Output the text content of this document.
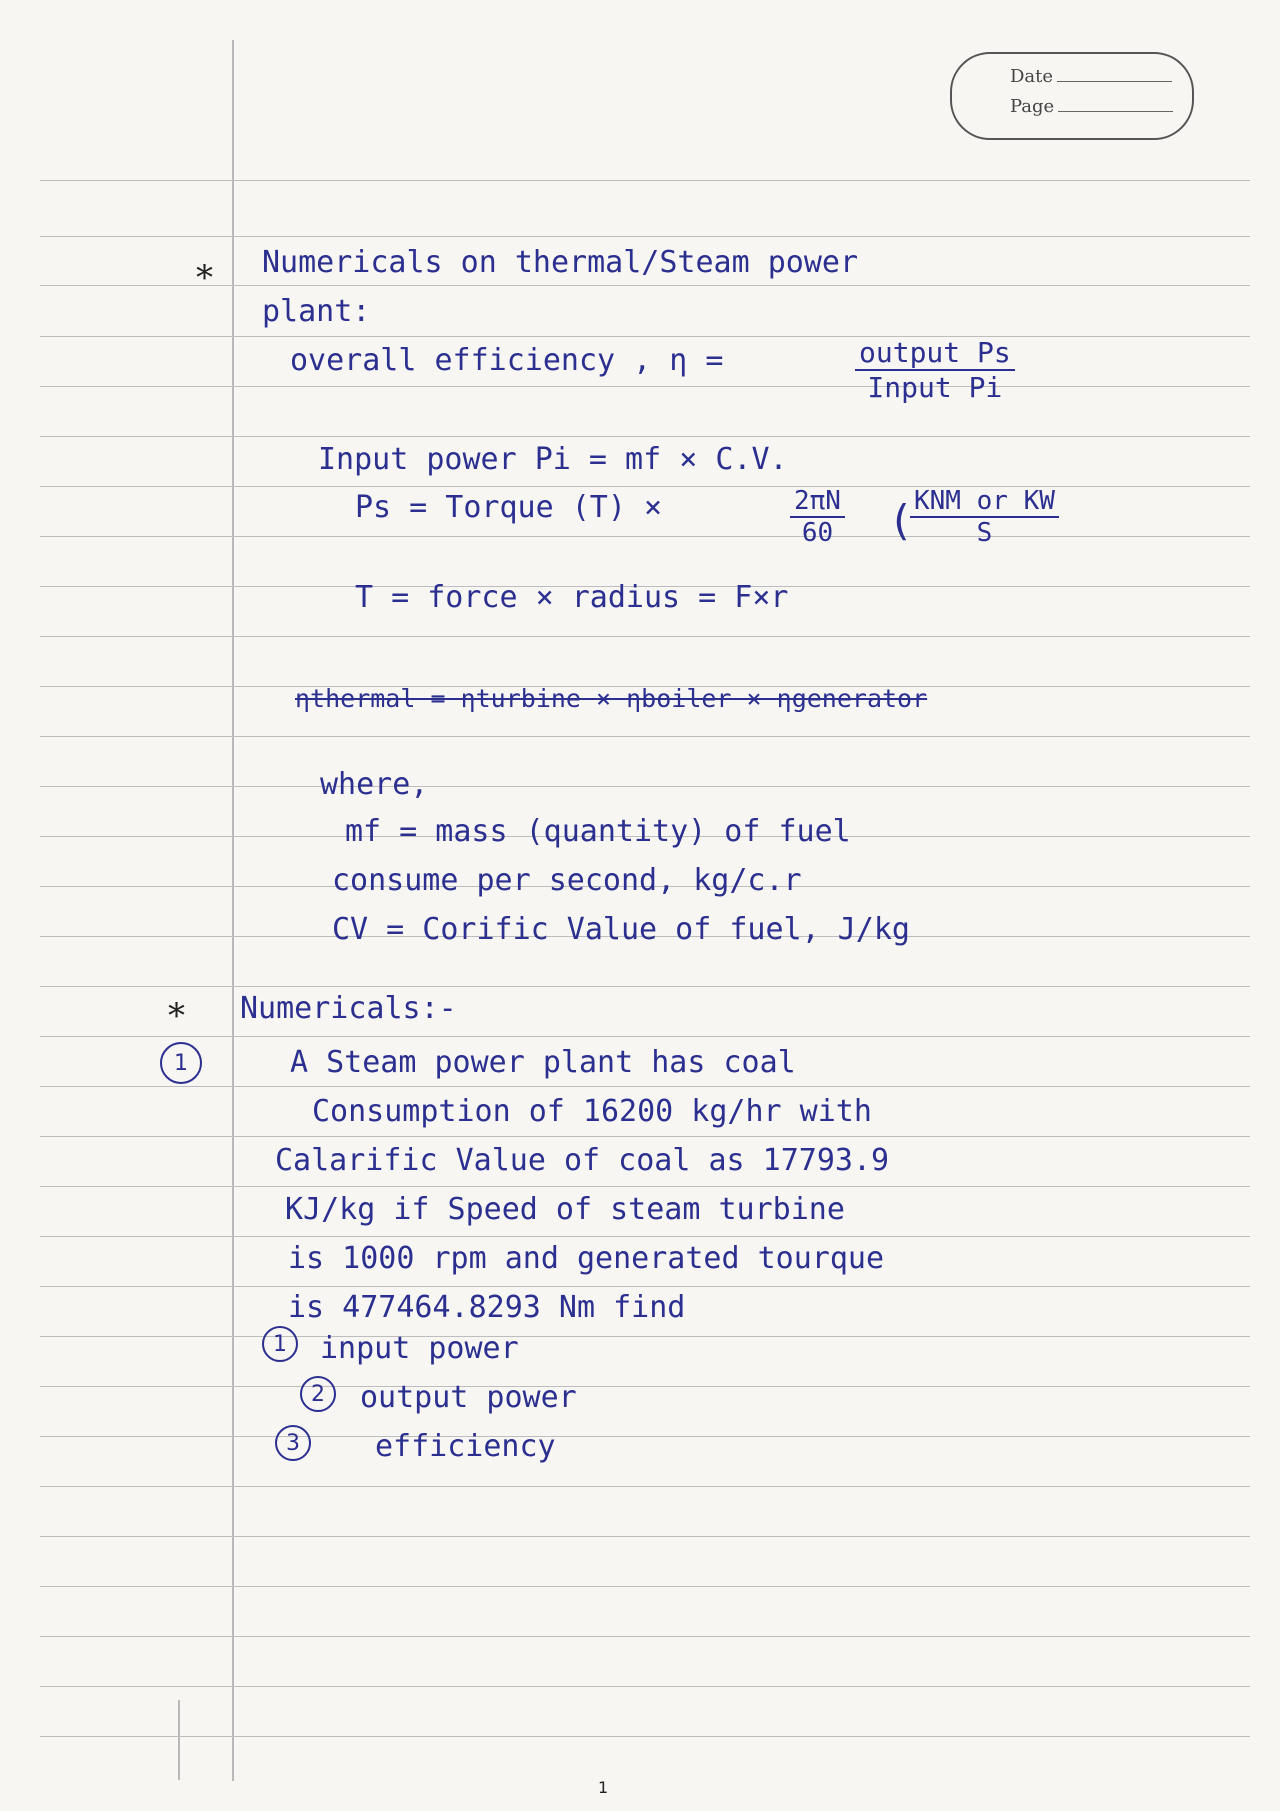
Date
Page
* Numericals on thermal/Steam power
plant:
overall efficiency , η =	output Ps
Input Pi
Input power Pi = mf × C.V.
Ps = Torque (T) ×	$\frac{2\pi N}{60}$ ( KNM or KW
S
T = force × radius = F×r
ηthermal = ηturbine × ηboiler × ηgenerator
where,
mf = mass (quantity) of fuel
consume per second, kg/c.r
CV = Corific Value of fuel, J/kg
* Numericals:-
1	A Steam power plant has coal
Consumption of 16200 kg/hr with
Calarific Value of coal as 17793.9
KJ/kg if Speed of steam turbine
is 1000 rpm and generated tourque
is 477464.8293 Nm find
1	input power
2	output power
3	efficiency
1
